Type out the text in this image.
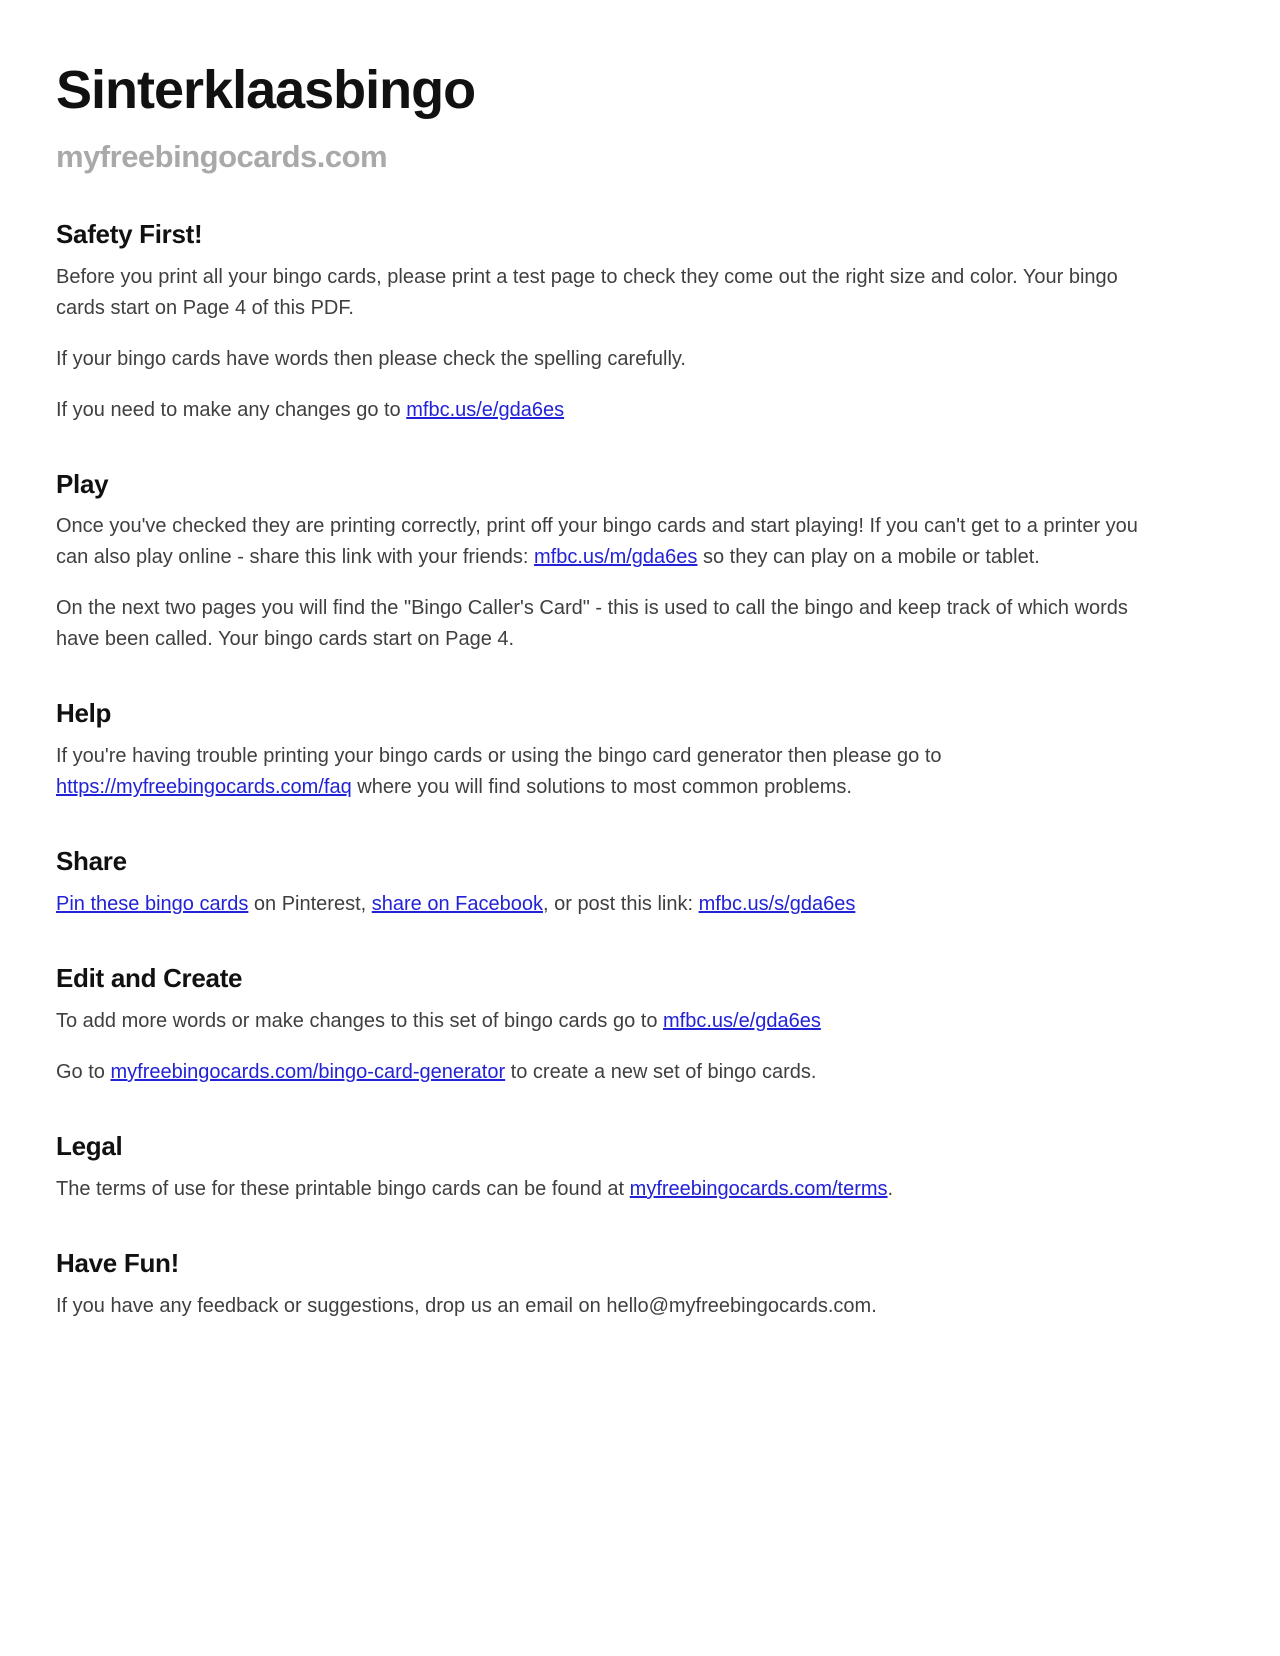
Sinterklaasbingo
myfreebingocards.com
Safety First!

Before you print all your bingo cards, please print a test page to check they come out the right size and color. Your bingo cards start on Page 4 of this PDF.

If your bingo cards have words then please check the spelling carefully.

If you need to make any changes go to mfbc.us/e/gda6es

Play

Once you've checked they are printing correctly, print off your bingo cards and start playing! If you can't get to a printer you can also play online - share this link with your friends: mfbc.us/m/gda6es so they can play on a mobile or tablet.

On the next two pages you will find the "Bingo Caller's Card" - this is used to call the bingo and keep track of which words have been called. Your bingo cards start on Page 4.

Help

If you're having trouble printing your bingo cards or using the bingo card generator then please go to https://myfreebingocards.com/faq where you will find solutions to most common problems.

Share

Pin these bingo cards on Pinterest, share on Facebook, or post this link: mfbc.us/s/gda6es

Edit and Create

To add more words or make changes to this set of bingo cards go to mfbc.us/e/gda6es

Go to myfreebingocards.com/bingo-card-generator to create a new set of bingo cards.

Legal

The terms of use for these printable bingo cards can be found at myfreebingocards.com/terms.

Have Fun!

If you have any feedback or suggestions, drop us an email on hello@myfreebingocards.com.
